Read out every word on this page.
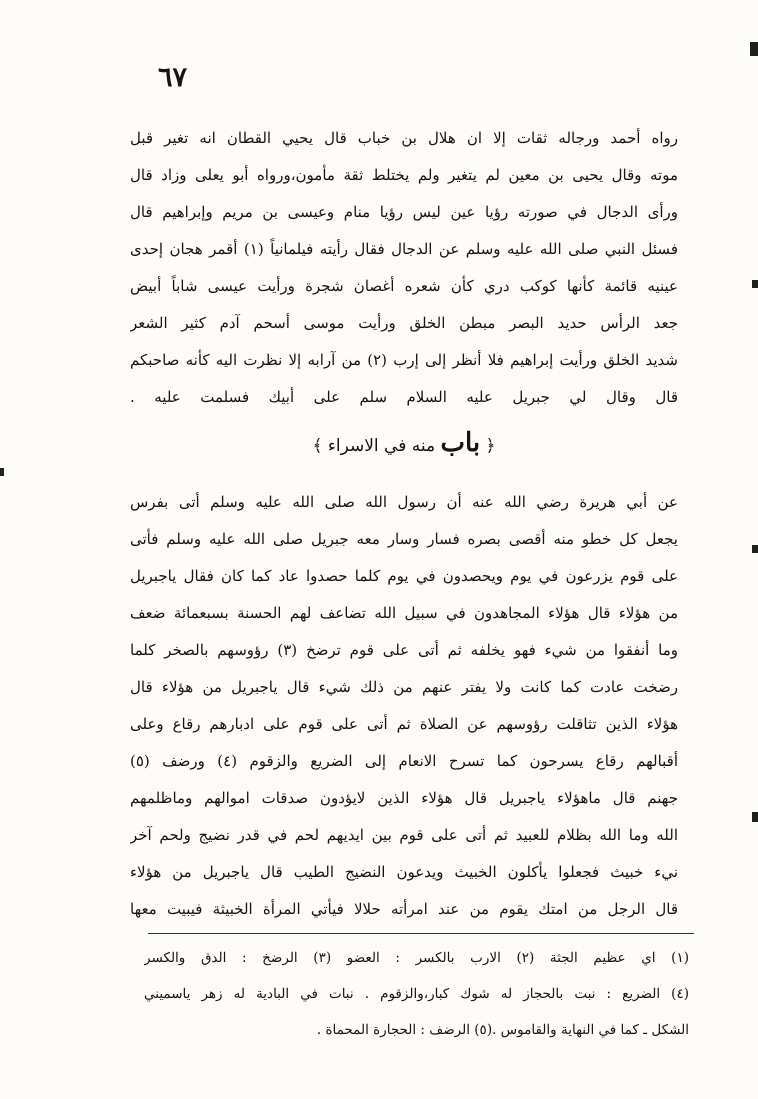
٦٧
رواه أحمد ورجاله ثقات إلا ان هلال بن خباب قال يحيي القطان انه تغير قبل
موته وقال يحيى بن معين لم يتغير ولم يختلط ثقة مأمون،ورواه أبو يعلى وزاد قال
ورأى الدجال في صورته رؤيا عين ليس رؤيا منام وعيسى بن مريم وإبراهيم قال
فسئل النبي صلى الله عليه وسلم عن الدجال فقال رأيته فيلمانياً (١) أقمر هجان إحدى
عينيه قائمة كأنها كوكب دري كأن شعره أغصان شجرة ورأيت عيسى شاباً أبيض
جعد الرأس حديد البصر مبطن الخلق ورأيت موسى أسحم آدم كثير الشعر
شديد الخلق ورأيت إبراهيم فلا أنظر إلى إرب (٢) من آرابه إلا نظرت اليه كأنه صاحبكم
قال وقال لي جبريل عليه السلام سلم على أبيك فسلمت عليه .
﴿ باب منه في الاسراء ﴾
عن أبي هريرة رضي الله عنه أن رسول الله صلى الله عليه وسلم أتى بفرس
يجعل كل خطو منه أقصى بصره فسار وسار معه جبريل صلى الله عليه وسلم فأتى
على قوم يزرعون في يوم ويحصدون في يوم كلما حصدوا عاد كما كان فقال ياجبريل
من هؤلاء قال هؤلاء المجاهدون في سبيل الله تضاعف لهم الحسنة بسبعمائة ضعف
وما أنفقوا من شيء فهو يخلفه ثم أتى على قوم ترضخ (٣) رؤوسهم بالصخر كلما
رضخت عادت كما كانت ولا يفتر عنهم من ذلك شيء قال ياجبريل من هؤلاء قال
هؤلاء الذين تثاقلت رؤوسهم عن الصلاة ثم أتى على قوم على ادبارهم رقاع وعلى
أقبالهم رقاع يسرحون كما تسرح الانعام إلى الضريع والزقوم (٤) ورضف (٥)
جهنم قال ماهؤلاء ياجبريل قال هؤلاء الذين لايؤدون صدقات اموالهم وماظلمهم
الله وما الله بظلام للعبيد ثم أتى على قوم بين ايديهم لحم في قدر نضيج ولحم آخر
نيء خبيث فجعلوا يأكلون الخبيث ويدعون النضيج الطيب قال ياجبريل من هؤلاء
قال الرجل من امتك يقوم من عند امرأته حلالا فيأتي المرأة الخبيثة فيبيت معها
(١) اي عظيم الجثة (٢) الارب بالكسر : العضو (٣) الرضخ : الدق والكسر
(٤) الضريع : نبت بالحجاز له شوك كبار،والزقوم . نبات في البادية له زهر ياسميني
الشكل ـ كما في النهاية والقاموس .(٥) الرضف : الحجارة المحماة .
